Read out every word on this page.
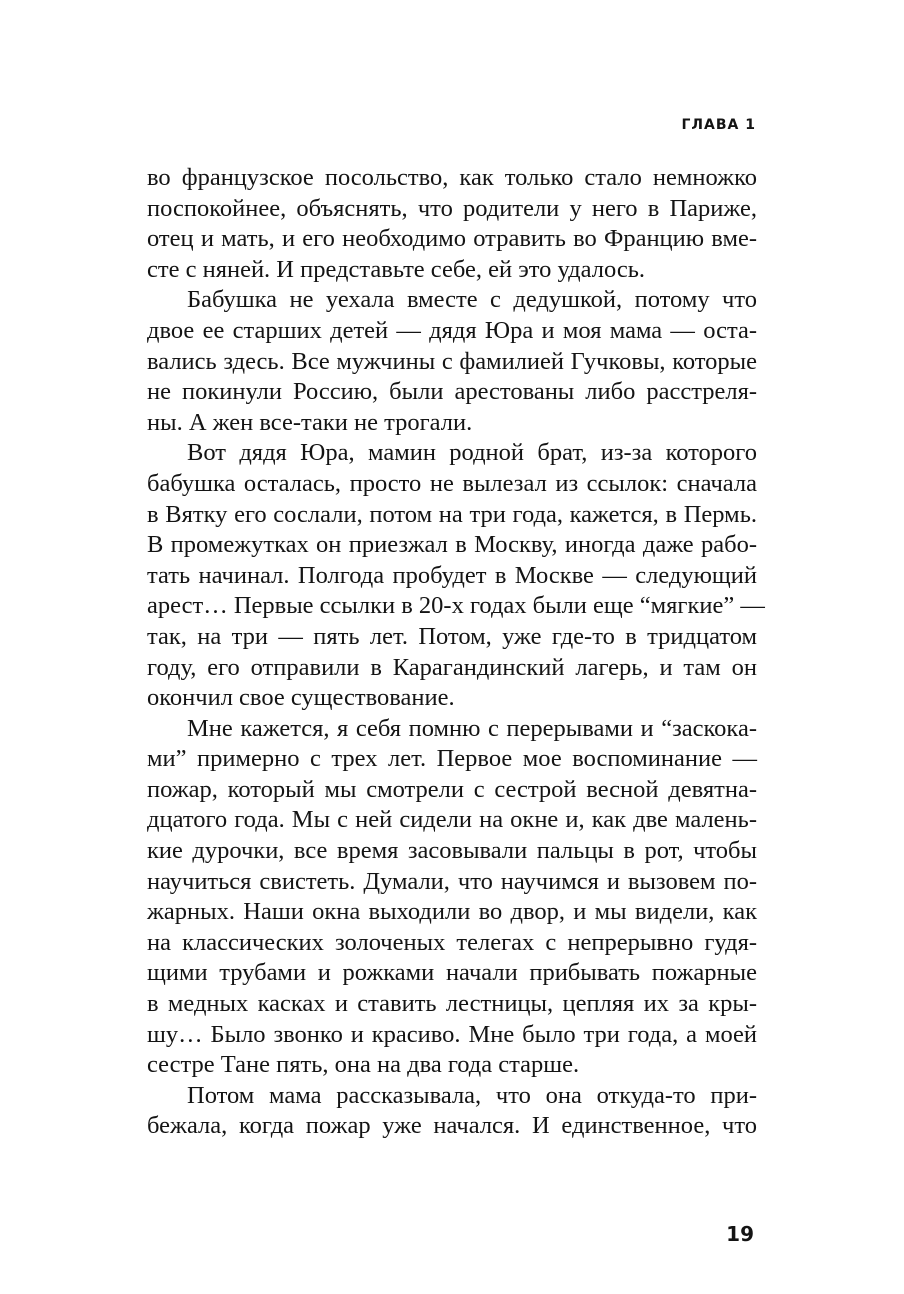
ГЛАВА 1
во французское посольство, как только стало немножко
поспокойнее, объяснять, что родители у него в Париже,
отец и мать, и его необходимо отравить во Францию вме-
сте с няней. И представьте себе, ей это удалось.
Бабушка не уехала вместе с дедушкой, потому что
двое ее старших детей — дядя Юра и моя мама — оста-
вались здесь. Все мужчины с фамилией Гучковы, которые
не покинули Россию, были арестованы либо расстреля-
ны. А жен все-таки не трогали.
Вот дядя Юра, мамин родной брат, из-за которого
бабушка осталась, просто не вылезал из ссылок: сначала
в Вятку его сослали, потом на три года, кажется, в Пермь.
В промежутках он приезжал в Москву, иногда даже рабо-
тать начинал. Полгода пробудет в Москве — следующий
арест… Первые ссылки в 20-х годах были еще “мягкие” —
так, на три — пять лет. Потом, уже где-то в тридцатом
году, его отправили в Карагандинский лагерь, и там он
окончил свое существование.
Мне кажется, я себя помню с перерывами и “заскока-
ми” примерно с трех лет. Первое мое воспоминание —
пожар, который мы смотрели с сестрой весной девятна-
дцатого года. Мы с ней сидели на окне и, как две малень-
кие дурочки, все время засовывали пальцы в рот, чтобы
научиться свистеть. Думали, что научимся и вызовем по-
жарных. Наши окна выходили во двор, и мы видели, как
на классических золоченых телегах с непрерывно гудя-
щими трубами и рожками начали прибывать пожарные
в медных касках и ставить лестницы, цепляя их за кры-
шу… Было звонко и красиво. Мне было три года, а моей
сестре Тане пять, она на два года старше.
Потом мама рассказывала, что она откуда-то при-
бежала, когда пожар уже начался. И единственное, что
19
